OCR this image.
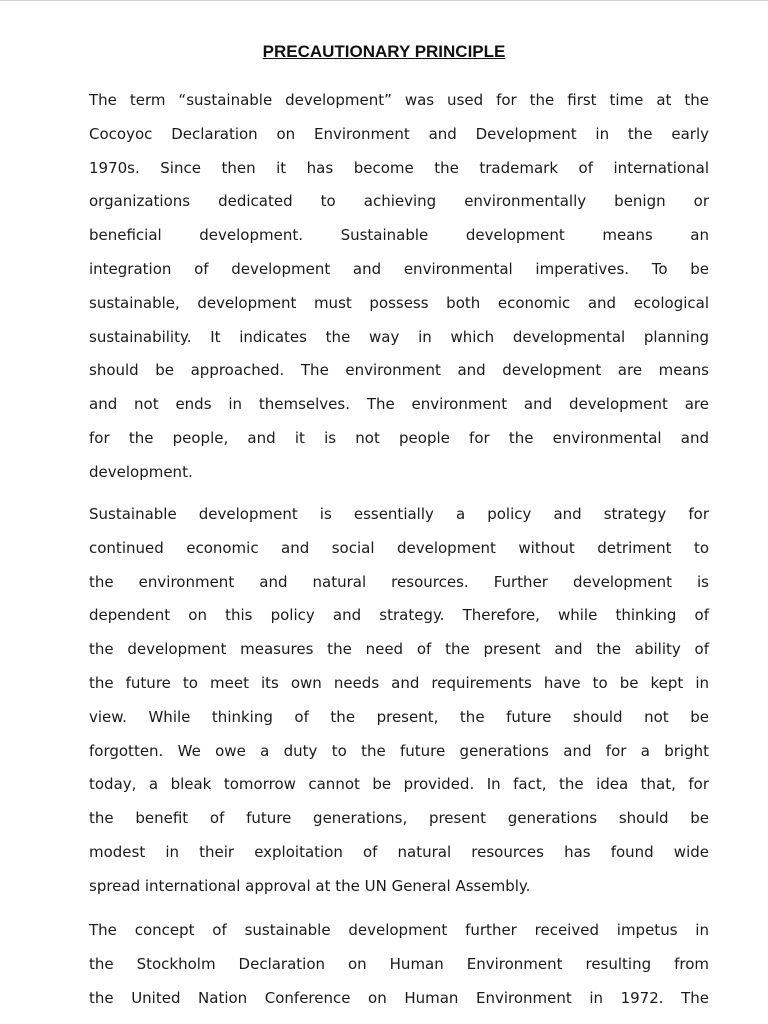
PRECAUTIONARY PRINCIPLE

The term “sustainable development” was used for the first time at the
Cocoyoc Declaration on Environment and Development in the early
1970s. Since then it has become the trademark of international
organizations dedicated to achieving environmentally benign or
beneficial development. Sustainable development means an
integration of development and environmental imperatives. To be
sustainable, development must possess both economic and ecological
sustainability. It indicates the way in which developmental planning
should be approached. The environment and development are means
and not ends in themselves. The environment and development are
for the people, and it is not people for the environmental and
development.

Sustainable development is essentially a policy and strategy for
continued economic and social development without detriment to
the environment and natural resources. Further development is
dependent on this policy and strategy. Therefore, while thinking of
the development measures the need of the present and the ability of
the future to meet its own needs and requirements have to be kept in
view. While thinking of the present, the future should not be
forgotten. We owe a duty to the future generations and for a bright
today, a bleak tomorrow cannot be provided. In fact, the idea that, for
the benefit of future generations, present generations should be
modest in their exploitation of natural resources has found wide
spread international approval at the UN General Assembly.

The concept of sustainable development further received impetus in
the Stockholm Declaration on Human Environment resulting from
the United Nation Conference on Human Environment in 1972. The
